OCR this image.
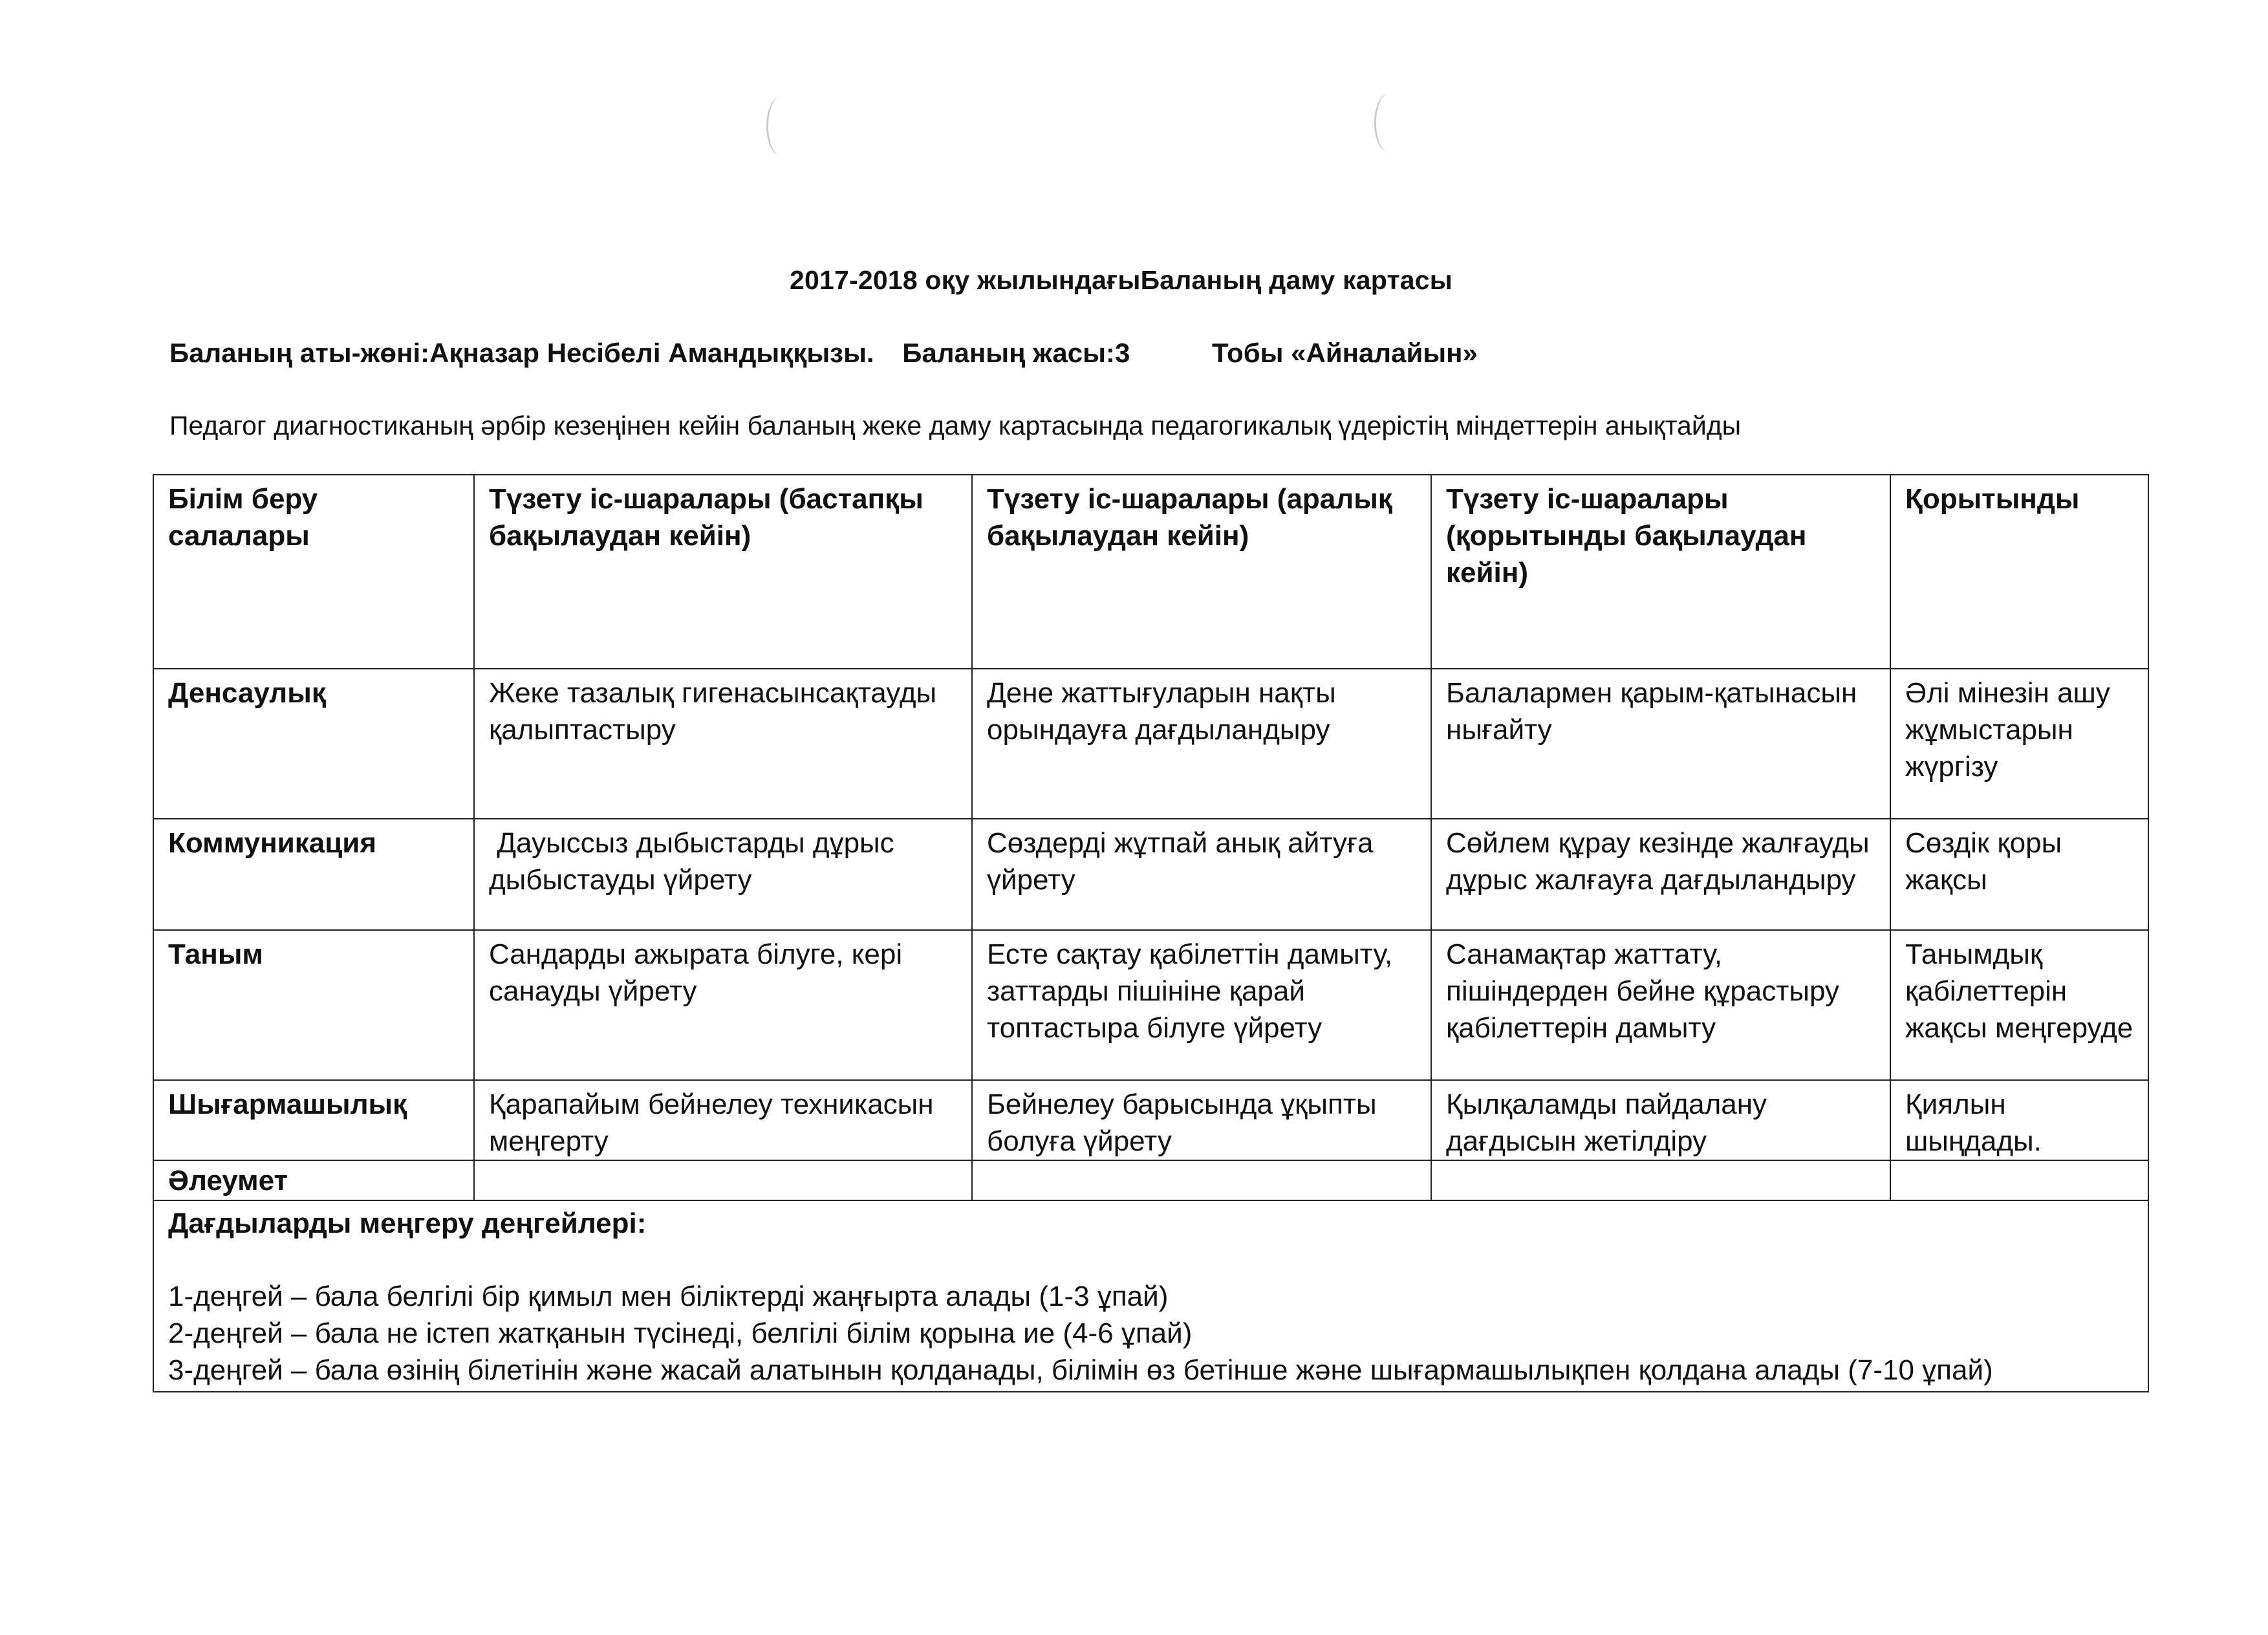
2017-2018 оқу жылындағыБаланың даму картасы
Баланың аты-жөні:Ақназар Несібелі Амандыққызы. Баланың жасы:3	Тобы «Айналайын»
Педагог диагностиканың әрбір кезеңінен кейін баланың жеке даму картасында педагогикалық үдерістің міндеттерін анықтайды
Білім беру салалары	Түзету іс-шаралары (бастапқы бақылаудан кейін)	Түзету іс-шаралары (аралық бақылаудан кейін)	Түзету іс-шаралары (қорытынды бақылаудан кейін)	Қорытынды
Денсаулық	Жеке тазалық гигенасынсақтауды қалыптастыру	Дене жаттығуларын нақты орындауға дағдыландыру	Балалармен қарым-қатынасын нығайту	Әлі мінезін ашу жұмыстарын жүргізу
Коммуникация	Дауыссыз дыбыстарды дұрыс дыбыстауды үйрету	Сөздерді жұтпай анық айтуға үйрету	Сөйлем құрау кезінде жалғауды дұрыс жалғауға дағдыландыру	Сөздік қоры жақсы
Таным	Сандарды ажырата білуге, кері санауды үйрету	Есте сақтау қабілеттін дамыту, заттарды пішініне қарай топтастыра білуге үйрету	Санамақтар жаттату, пішіндерден бейне құрастыру қабілеттерін дамыту	Танымдық қабілеттерін жақсы меңгеруде
Шығармашылық	Қарапайым бейнелеу техникасын меңгерту	Бейнелеу барысында ұқыпты болуға үйрету	Қылқаламды пайдалану дағдысын жетілдіру	Қиялын шыңдады.
Әлеумет				

Дағдыларды меңгеру деңгейлері:
1-деңгей – бала белгілі бір қимыл мен біліктерді жаңғырта алады (1-3 ұпай)
2-деңгей – бала не істеп жатқанын түсінеді, белгілі білім қорына ие (4-6 ұпай)
3-деңгей – бала өзінің білетінін және жасай алатынын қолданады, білімін өз бетінше және шығармашылықпен қолдана алады (7-10 ұпай)				
